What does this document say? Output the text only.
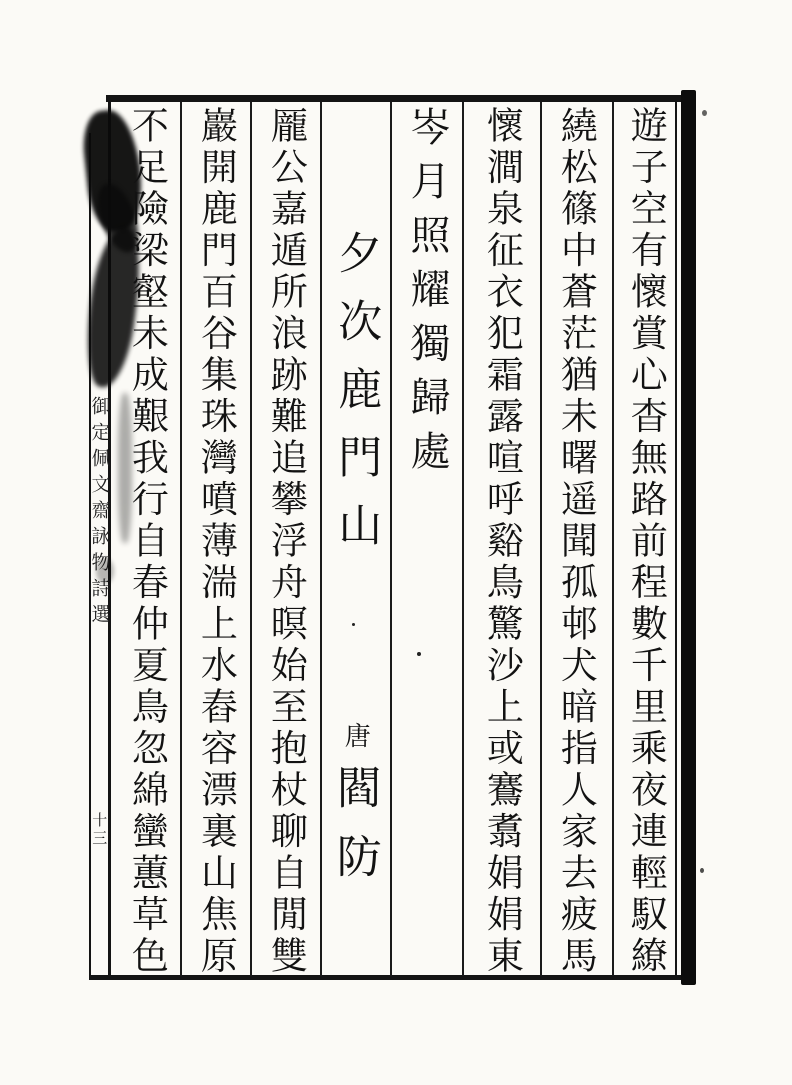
遊子空有懷賞心杳無路前程數千里乘夜連輕馭繚
繞松篠中蒼茫猶未曙遥聞孤邨犬暗指人家去疲馬
懷澗泉征衣犯霜露喧呼谿鳥驚沙上或鶱翥娟娟東
岑月照耀獨歸處
夕次鹿門山
唐
閻防
龎公嘉遁所浪跡難追攀浮舟暝始至抱杖聊自閒雙
巖開鹿門百谷集珠灣噴薄湍上水舂容漂裏山焦原
不足險梁壑未成艱我行自春仲夏鳥忽綿蠻蕙草色
御定佩文齋詠物詩選
十三
